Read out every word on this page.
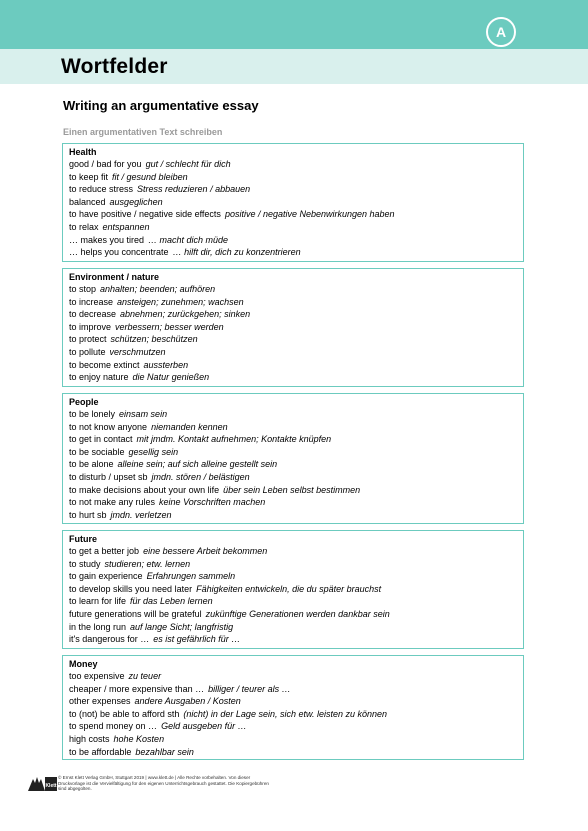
A
Wortfelder
Writing an argumentative essay
Einen argumentativen Text schreiben
Health
good / bad for you gut / schlecht für dich
to keep fit fit / gesund bleiben
to reduce stress Stress reduzieren / abbauen
balanced ausgeglichen
to have positive / negative side effects positive / negative Nebenwirkungen haben
to relax entspannen
… makes you tired … macht dich müde
… helps you concentrate … hilft dir, dich zu konzentrieren
Environment / nature
to stop anhalten; beenden; aufhören
to increase ansteigen; zunehmen; wachsen
to decrease abnehmen; zurückgehen; sinken
to improve verbessern; besser werden
to protect schützen; beschützen
to pollute verschmutzen
to become extinct aussterben
to enjoy nature die Natur genießen
People
to be lonely einsam sein
to not know anyone niemanden kennen
to get in contact mit jmdm. Kontakt aufnehmen; Kontakte knüpfen
to be sociable gesellig sein
to be alone alleine sein; auf sich alleine gestellt sein
to disturb / upset sb jmdn. stören / belästigen
to make decisions about your own life über sein Leben selbst bestimmen
to not make any rules keine Vorschriften machen
to hurt sb jmdn. verletzen
Future
to get a better job eine bessere Arbeit bekommen
to study studieren; etw. lernen
to gain experience Erfahrungen sammeln
to develop skills you need later Fähigkeiten entwickeln, die du später brauchst
to learn for life für das Leben lernen
future generations will be grateful zukünftige Generationen werden dankbar sein
in the long run auf lange Sicht; langfristig
it's dangerous for … es ist gefährlich für …
Money
too expensive zu teuer
cheaper / more expensive than … billiger / teurer als …
other expenses andere Ausgaben / Kosten
to (not) be able to afford sth (nicht) in der Lage sein, sich etw. leisten zu können
to spend money on … Geld ausgeben für …
high costs hohe Kosten
to be affordable bezahlbar sein
Klett
© Ernst Klett Verlag GmbH, Stuttgart 2019 | www.klett.de | Alle Rechte vorbehalten. Von dieser Druckvorlage ist die Vervielfältigung für den eigenen Unterrichtsgebrauch gestattet. Die Kopiergebühren sind abgegolten.
